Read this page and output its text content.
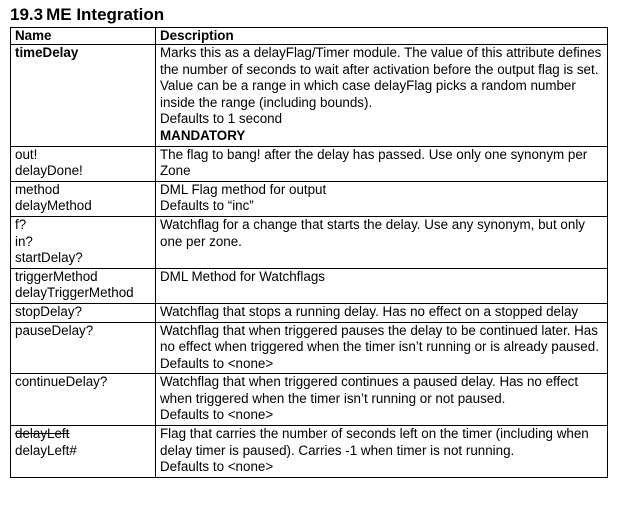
19.3 ME Integration
Name	Description

timeDelay	Marks this as a delayFlag/Timer module. The value of this attribute defines the number of seconds to wait after activation before the output flag is set. Value can be a range in which case delayFlag picks a random number inside the range (including bounds).
Defaults to 1 second
MANDATORY

out!
delayDone!	The flag to bang! after the delay has passed. Use only one synonym per Zone

method
delayMethod	DML Flag method for output
Defaults to “inc”

f?
in?
startDelay?	Watchflag for a change that starts the delay. Use any synonym, but only one per zone.

triggerMethod
delayTriggerMethod	DML Method for Watchflags

stopDelay?	Watchflag that stops a running delay. Has no effect on a stopped delay

pauseDelay?	Watchflag that when triggered pauses the delay to be continued later. Has no effect when triggered when the timer isn’t running or is already paused.
Defaults to <none>

continueDelay?	Watchflag that when triggered continues a paused delay. Has no effect when triggered when the timer isn’t running or not paused.
Defaults to <none>

delayLeft
delayLeft#	Flag that carries the number of seconds left on the timer (including when delay timer is paused). Carries -1 when timer is not running.
Defaults to <none>
